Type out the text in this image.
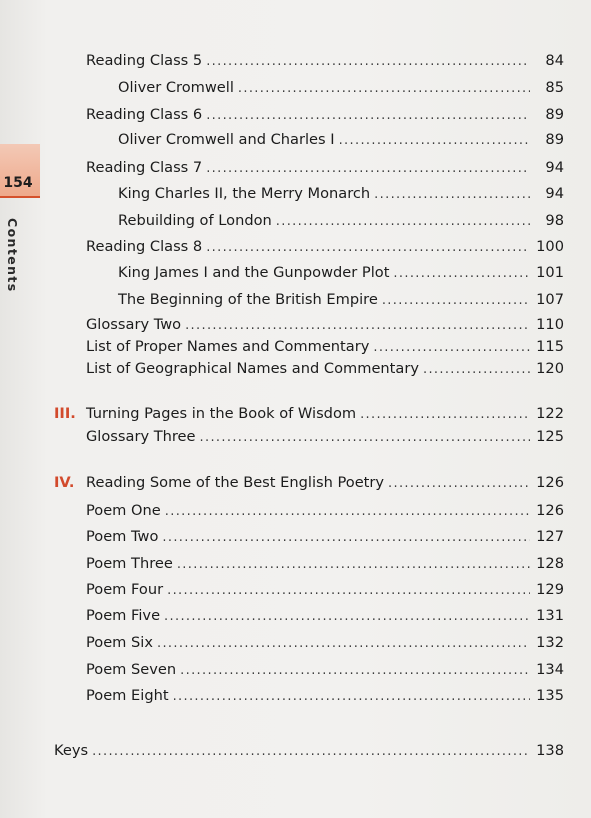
154
Contents
Reading Class 5 . . .	84
Oliver Cromwell . . .	85
Reading Class 6 . . .	89
Oliver Cromwell and Charles I . . .	89
Reading Class 7 . . .	94
King Charles II, the Merry Monarch . . .	94
Rebuilding of London . . .	98
Reading Class 8 . . .	100
King James I and the Gunpowder Plot . . .	101
The Beginning of the British Empire . . .	107
Glossary Two . . .	110
List of Proper Names and Commentary . . .	115
List of Geographical Names and Commentary . . .	120
III. Turning Pages in the Book of Wisdom . . .	122
Glossary Three . . .	125
IV. Reading Some of the Best English Poetry . . .	126
Poem One . . .	126
Poem Two . . .	127
Poem Three . . .	128
Poem Four . . .	129
Poem Five . . .	131
Poem Six . . .	132
Poem Seven . . .	134
Poem Eight . . .	135
Keys . . .	138
